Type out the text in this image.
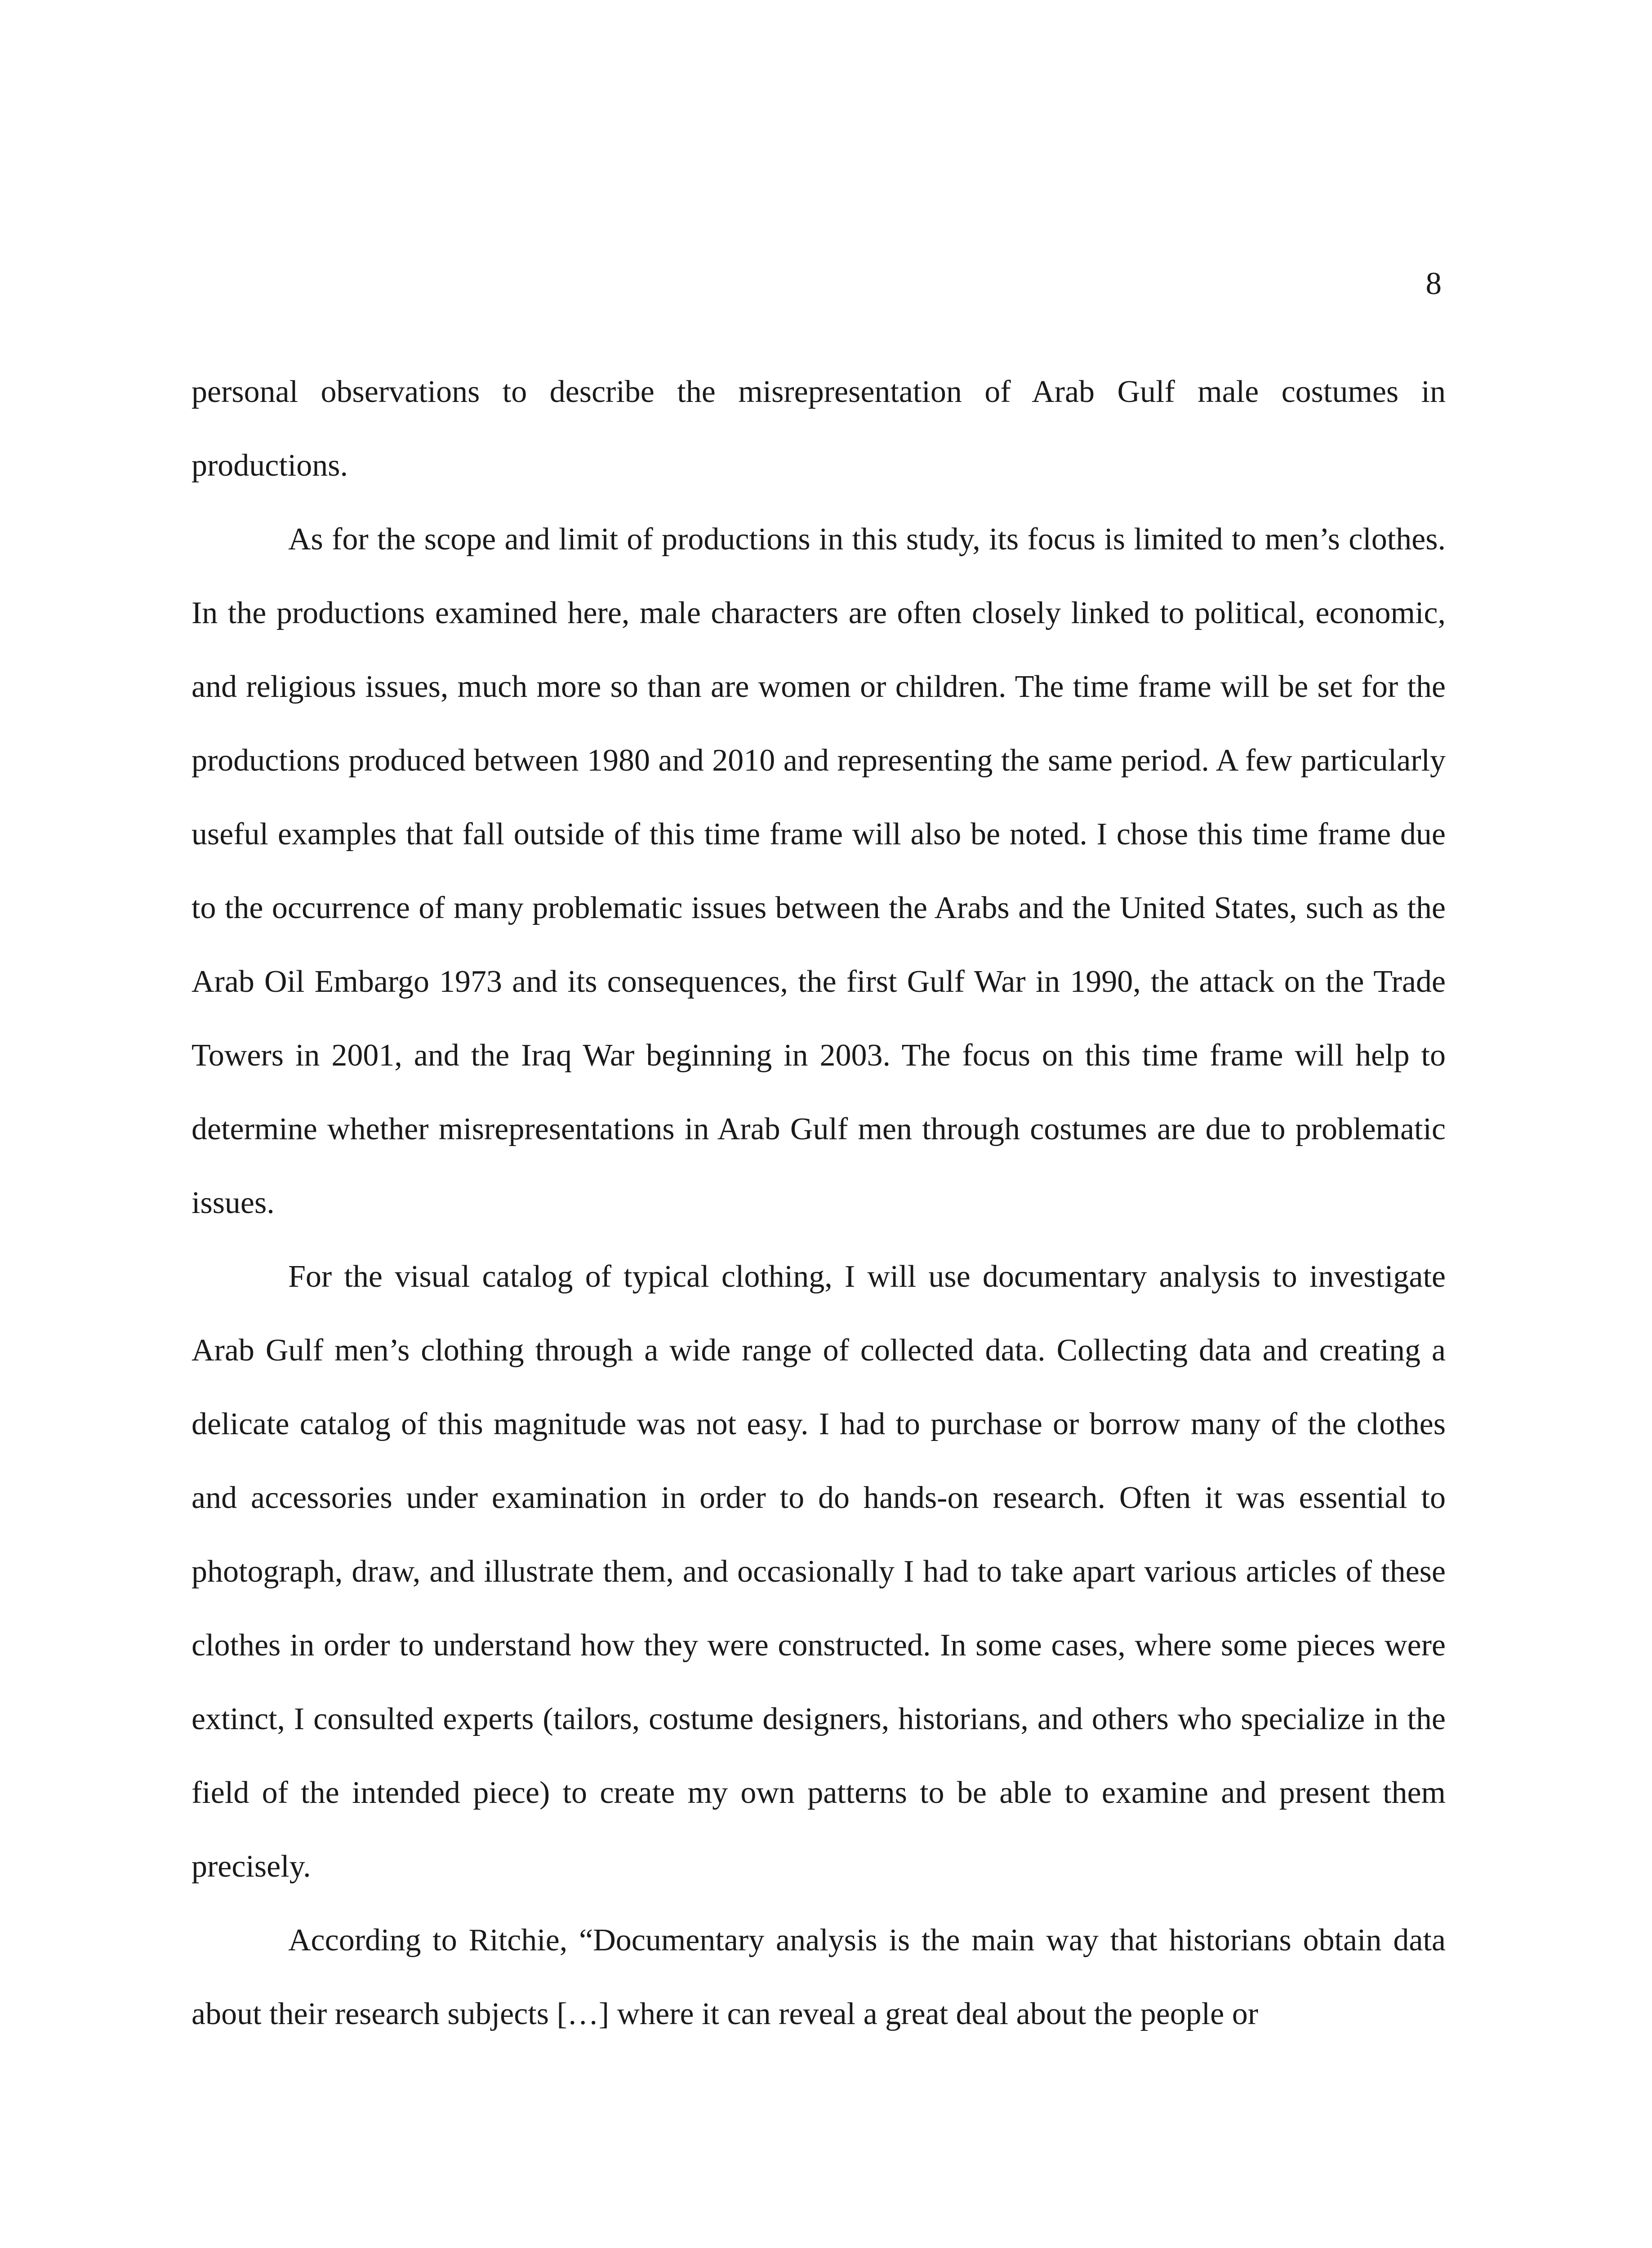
8

personal observations to describe the misrepresentation of Arab Gulf male costumes in productions.

As for the scope and limit of productions in this study, its focus is limited to men’s clothes. In the productions examined here, male characters are often closely linked to political, economic, and religious issues, much more so than are women or children. The time frame will be set for the productions produced between 1980 and 2010 and representing the same period. A few particularly useful examples that fall outside of this time frame will also be noted. I chose this time frame due to the occurrence of many problematic issues between the Arabs and the United States, such as the Arab Oil Embargo 1973 and its consequences, the first Gulf War in 1990, the attack on the Trade Towers in 2001, and the Iraq War beginning in 2003. The focus on this time frame will help to determine whether misrepresentations in Arab Gulf men through costumes are due to problematic issues.

For the visual catalog of typical clothing, I will use documentary analysis to investigate Arab Gulf men’s clothing through a wide range of collected data. Collecting data and creating a delicate catalog of this magnitude was not easy. I had to purchase or borrow many of the clothes and accessories under examination in order to do hands-on research. Often it was essential to photograph, draw, and illustrate them, and occasionally I had to take apart various articles of these clothes in order to understand how they were constructed. In some cases, where some pieces were extinct, I consulted experts (tailors, costume designers, historians, and others who specialize in the field of the intended piece) to create my own patterns to be able to examine and present them precisely.

According to Ritchie, “Documentary analysis is the main way that historians obtain data about their research subjects […] where it can reveal a great deal about the people or
